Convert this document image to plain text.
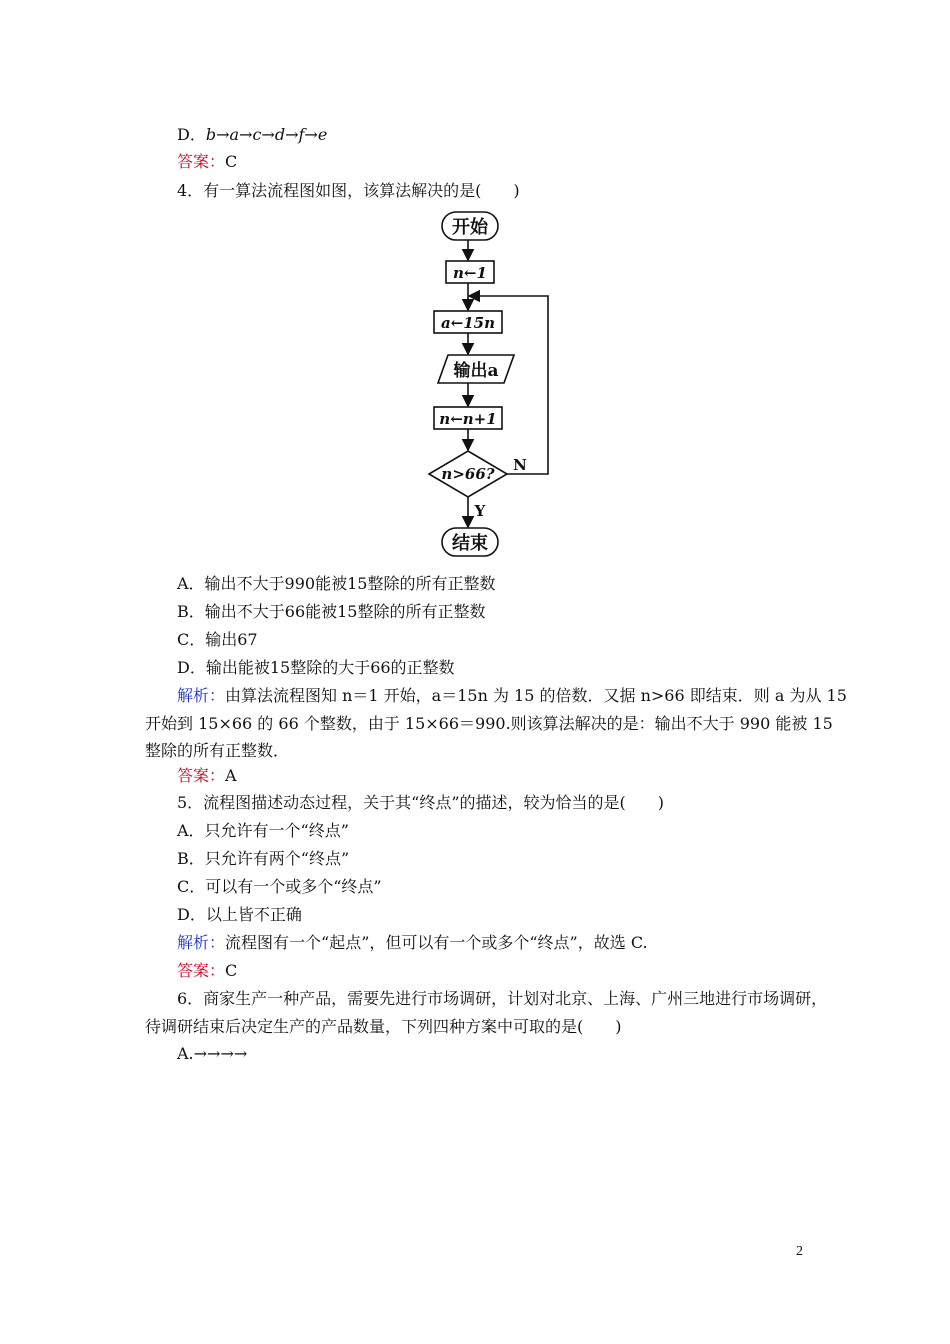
D．b→a→c→d→f→e
答案：C
4．有一算法流程图如图，该算法解决的是(　　)
开始
n←1
a←15n
输出a
n←n+1
n>66? N
Y
结束
A．输出不大于990能被15整除的所有正整数
B．输出不大于66能被15整除的所有正整数
C．输出67
D．输出能被15整除的大于66的正整数
解析：由算法流程图知 n＝1 开始，a＝15n 为 15 的倍数．又据 n>66 即结束．则 a 为从 15
开始到 15×66 的 66 个整数，由于 15×66＝990.则该算法解决的是：输出不大于 990 能被 15
整除的所有正整数．
答案：A
5．流程图描述动态过程，关于其“终点”的描述，较为恰当的是(　　)
A．只允许有一个“终点”
B．只允许有两个“终点”
C．可以有一个或多个“终点”
D．以上皆不正确
解析：流程图有一个“起点”，但可以有一个或多个“终点”，故选 C.
答案：C
6．商家生产一种产品，需要先进行市场调研，计划对北京、上海、广州三地进行市场调研，
待调研结束后决定生产的产品数量，下列四种方案中可取的是(　　)
A.→→→→
2
